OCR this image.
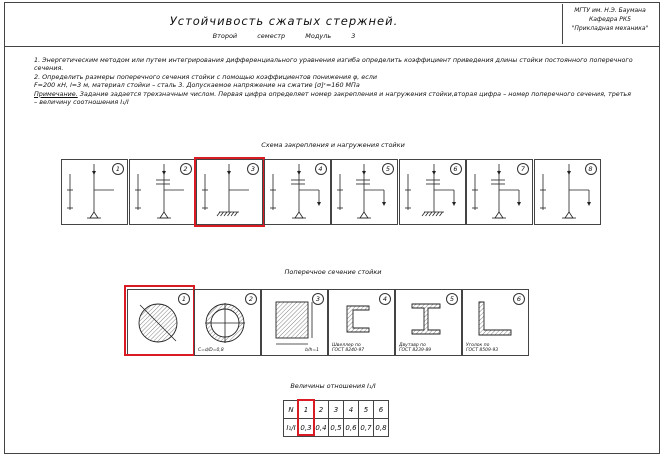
Устойчивость сжатых стержней.
Второй семестр	Модуль 3
МГТУ им. Н.Э. Баумана
Кафедра РК5
"Прикладная механика"

1. Энергетическим методом или путем интегрирования дифференциального уравнения изгиба определить коэффициент приведения длины стойки постоянного поперечного сечения.

2. Определить размеры поперечного сечения стойки с помощью коэффициентов понижения φ, если

F=200 кН, l=3 м, материал стойки – сталь 3. Допускаемое напряжение на сжатие [σ]ᶜ=160 МПа

Примечание. Задание задается трехзначным числом. Первая цифра определяет номер закрепления и нагружения стойки,вторая цифра – номер поперечного сечения, третья – величину соотношения I₁/I

Схема закрепления и нагружения стойки
1	2	3	4	5	6	7	8
Поперечное сечение стойки
1	2
С=d/D=0,8
3
b/h=1
4
Швеллер по ГОСТ 8240-97
5
Двутавр по ГОСТ 8239-89
6
Уголок по ГОСТ 8509-93
Величины отношения I₁/I
N	1	2	3	4	5	6
I₁/I	0,3	0,4	0,5	0,6	0,7	0,8
